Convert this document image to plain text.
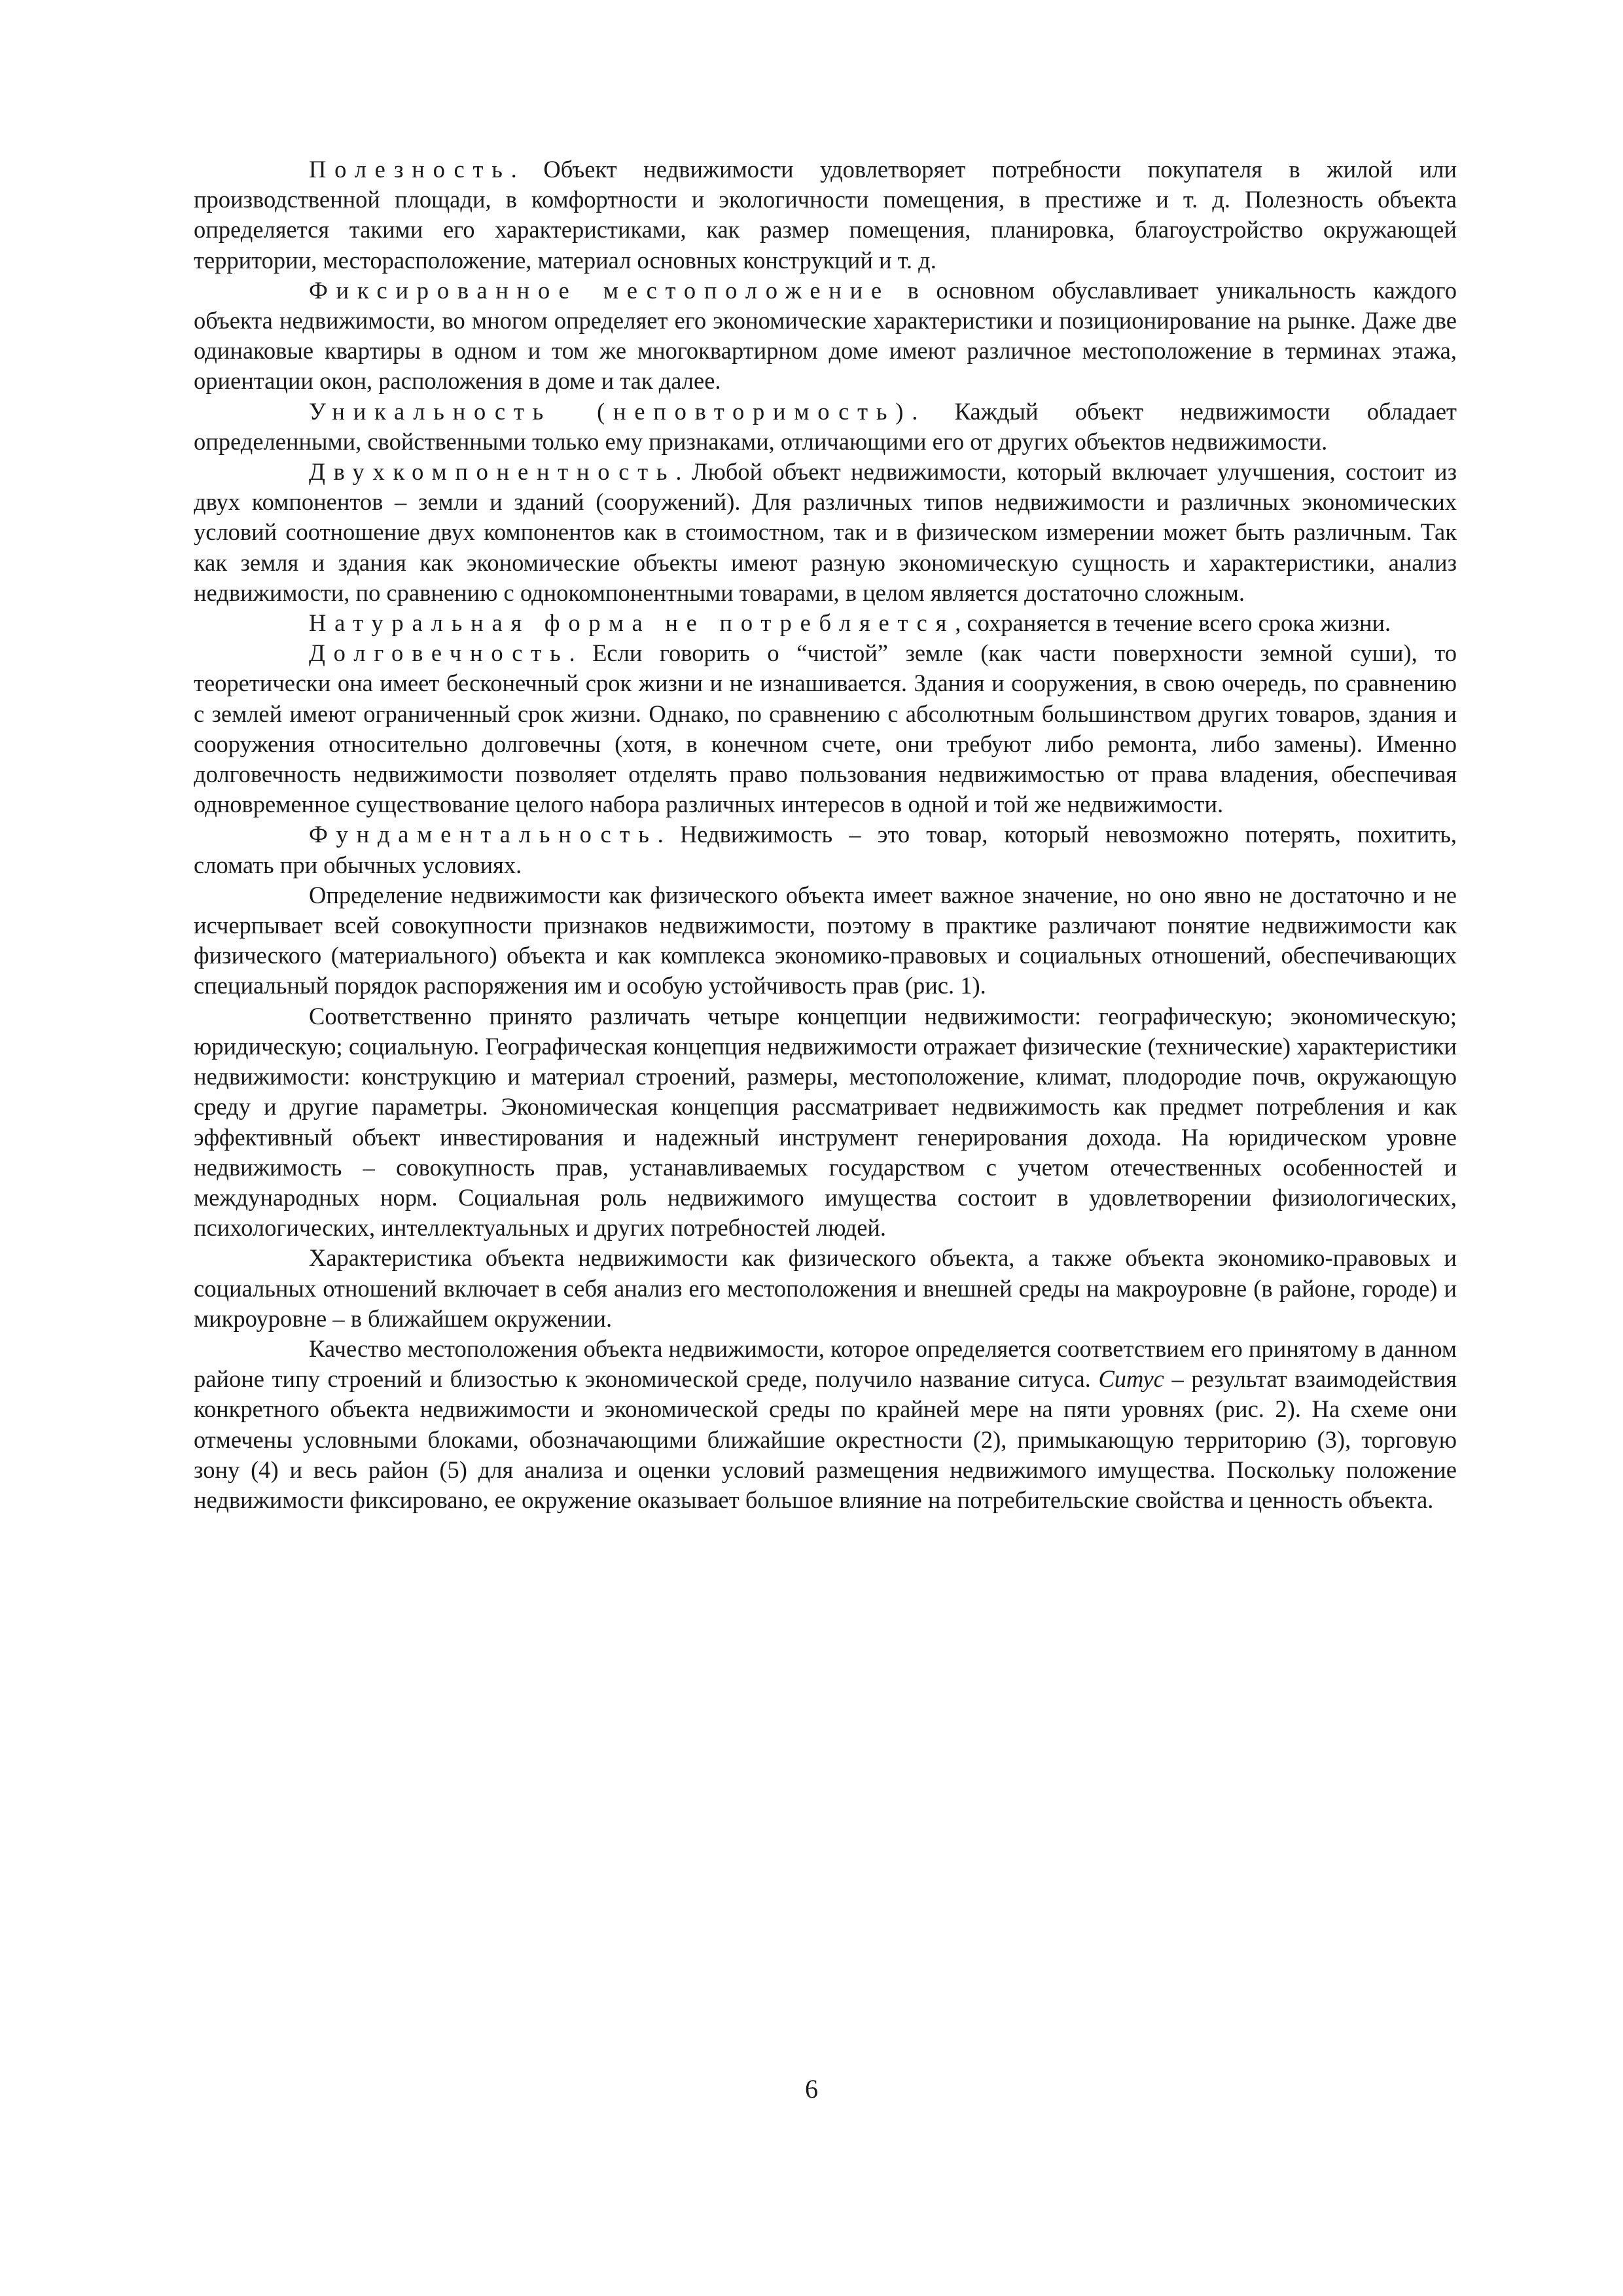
Полезность. Объект недвижимости удовлетворяет потребности покупателя в жилой или производственной площади, в комфортности и экологичности помещения, в престиже и т. д. Полезность объекта определяется такими его характеристиками, как размер помещения, планировка, благоустройство окружающей территории, месторасположение, материал основных конструкций и т. д.

Фиксированное местоположение в основном обуславливает уникальность каждого объекта недвижимости, во многом определяет его экономические характеристики и позиционирование на рынке. Даже две одинаковые квартиры в одном и том же многоквартирном доме имеют различное местоположение в терминах этажа, ориентации окон, расположения в доме и так далее.

Уникальность (неповторимость). Каждый объект недвижимости обладает определенными, свойственными только ему признаками, отличающими его от других объектов недвижимости.

Двухкомпонентность. Любой объект недвижимости, который включает улучшения, состоит из двух компонентов – земли и зданий (сооружений). Для различных типов недвижимости и различных экономических условий соотношение двух компонентов как в стоимостном, так и в физическом измерении может быть различным. Так как земля и здания как экономические объекты имеют разную экономическую сущность и характеристики, анализ недвижимости, по сравнению с однокомпонентными товарами, в целом является достаточно сложным.

Натуральная форма не потребляется, сохраняется в течение всего срока жизни.

Долговечность. Если говорить о “чистой” земле (как части поверхности земной суши), то теоретически она имеет бесконечный срок жизни и не изнашивается. Здания и сооружения, в свою очередь, по сравнению с землей имеют ограниченный срок жизни. Однако, по сравнению с абсолютным большинством других товаров, здания и сооружения относительно долговечны (хотя, в конечном счете, они требуют либо ремонта, либо замены). Именно долговечность недвижимости позволяет отделять право пользования недвижимостью от права владения, обеспечивая одновременное существование целого набора различных интересов в одной и той же недвижимости.

Фундаментальность. Недвижимость – это товар, который невозможно потерять, похитить, сломать при обычных условиях.

Определение недвижимости как физического объекта имеет важное значение, но оно явно не достаточно и не исчерпывает всей совокупности признаков недвижимости, поэтому в практике различают понятие недвижимости как физического (материального) объекта и как комплекса экономико-правовых и социальных отношений, обеспечивающих специальный порядок распоряжения им и особую устойчивость прав (рис. 1).

Соответственно принято различать четыре концепции недвижимости: географическую; экономическую; юридическую; социальную. Географическая концепция недвижимости отражает физические (технические) характеристики недвижимости: конструкцию и материал строений, размеры, местоположение, климат, плодородие почв, окружающую среду и другие параметры. Экономическая концепция рассматривает недвижимость как предмет потребления и как эффективный объект инвестирования и надежный инструмент генерирования дохода. На юридическом уровне недвижимость – совокупность прав, устанавливаемых государством с учетом отечественных особенностей и международных норм. Социальная роль недвижимого имущества состоит в удовлетворении физиологических, психологических, интеллектуальных и других потребностей людей.

Характеристика объекта недвижимости как физического объекта, а также объекта экономико-правовых и социальных отношений включает в себя анализ его местоположения и внешней среды на макроуровне (в районе, городе) и микроуровне – в ближайшем окружении.

Качество местоположения объекта недвижимости, которое определяется соответствием его принятому в данном районе типу строений и близостью к экономической среде, получило название ситуса. Ситус – результат взаимодействия конкретного объекта недвижимости и экономической среды по крайней мере на пяти уровнях (рис. 2). На схеме они отмечены условными блоками, обозначающими ближайшие окрестности (2), примыкающую территорию (3), торговую зону (4) и весь район (5) для анализа и оценки условий размещения недвижимого имущества. Поскольку положение недвижимости фиксировано, ее окружение оказывает большое влияние на потребительские свойства и ценность объекта.

6
